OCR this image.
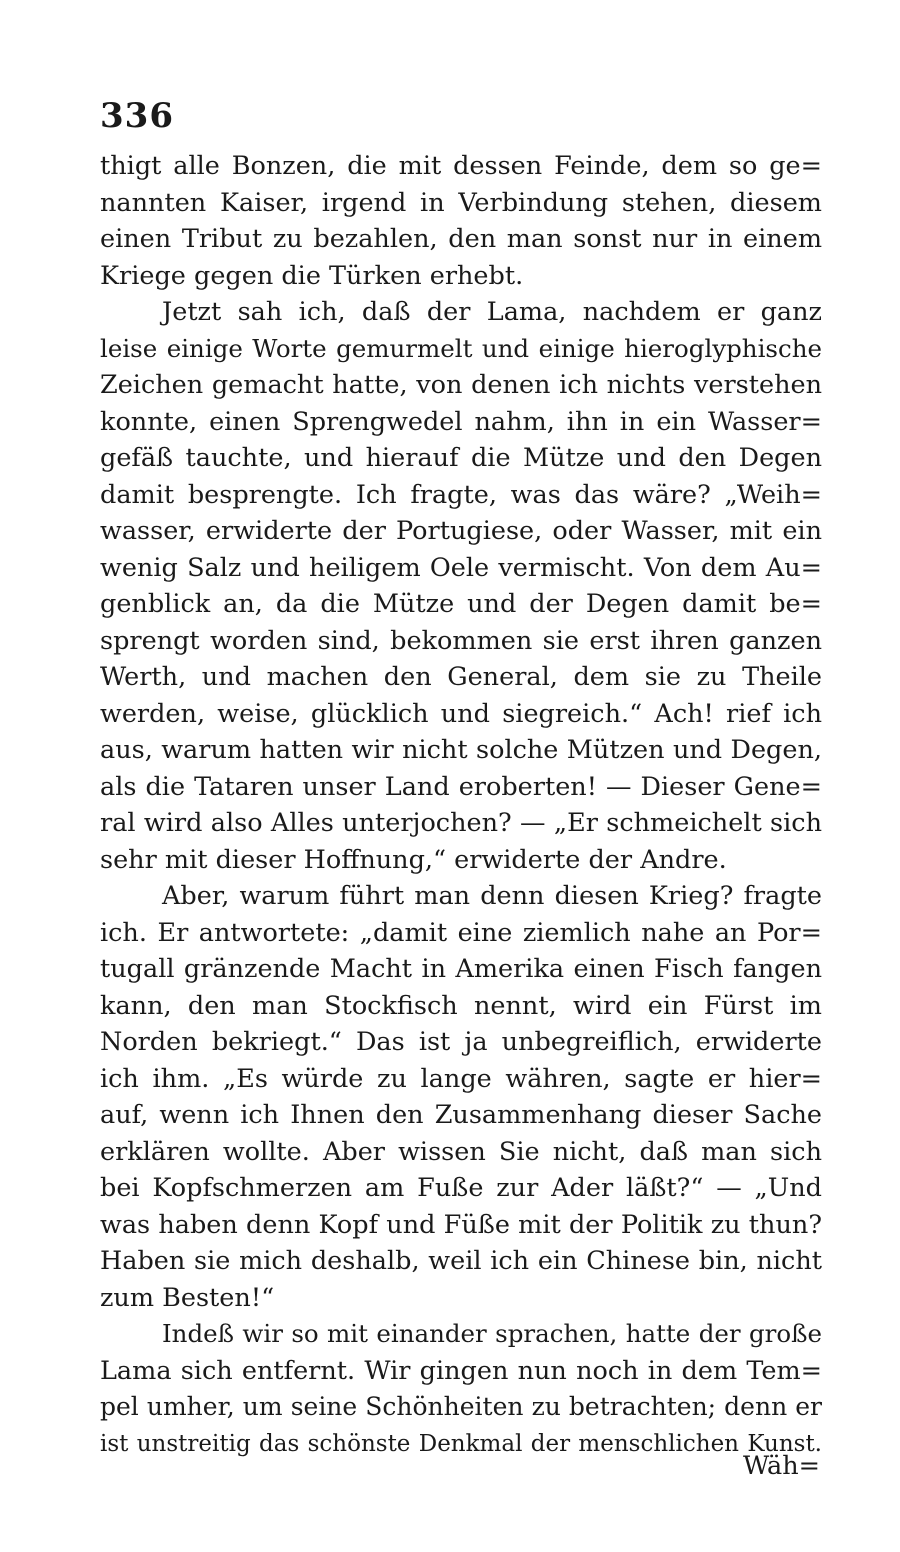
336
thigt alle Bonzen, die mit dessen Feinde, dem so ge=
nannten Kaiser, irgend in Verbindung stehen, diesem
einen Tribut zu bezahlen, den man sonst nur in einem
Kriege gegen die Türken erhebt.
Jetzt sah ich, daß der Lama, nachdem er ganz
leise einige Worte gemurmelt und einige hieroglyphische
Zeichen gemacht hatte, von denen ich nichts verstehen
konnte, einen Sprengwedel nahm, ihn in ein Wasser=
gefäß tauchte, und hierauf die Mütze und den Degen
damit besprengte. Ich fragte, was das wäre? „Weih=
wasser, erwiderte der Portugiese, oder Wasser, mit ein
wenig Salz und heiligem Oele vermischt. Von dem Au=
genblick an, da die Mütze und der Degen damit be=
sprengt worden sind, bekommen sie erst ihren ganzen
Werth, und machen den General, dem sie zu Theile
werden, weise, glücklich und siegreich.“ Ach! rief ich
aus, warum hatten wir nicht solche Mützen und Degen,
als die Tataren unser Land eroberten! — Dieser Gene=
ral wird also Alles unterjochen? — „Er schmeichelt sich
sehr mit dieser Hoffnung,“ erwiderte der Andre.
Aber, warum führt man denn diesen Krieg? fragte
ich. Er antwortete: „damit eine ziemlich nahe an Por=
tugall gränzende Macht in Amerika einen Fisch fangen
kann, den man Stockfisch nennt, wird ein Fürst im
Norden bekriegt.“ Das ist ja unbegreiflich, erwiderte
ich ihm. „Es würde zu lange währen, sagte er hier=
auf, wenn ich Ihnen den Zusammenhang dieser Sache
erklären wollte. Aber wissen Sie nicht, daß man sich
bei Kopfschmerzen am Fuße zur Ader läßt?“ — „Und
was haben denn Kopf und Füße mit der Politik zu thun?
Haben sie mich deshalb, weil ich ein Chinese bin, nicht
zum Besten!“
Indeß wir so mit einander sprachen, hatte der große
Lama sich entfernt. Wir gingen nun noch in dem Tem=
pel umher, um seine Schönheiten zu betrachten; denn er
ist unstreitig das schönste Denkmal der menschlichen Kunst.
Wäh=
